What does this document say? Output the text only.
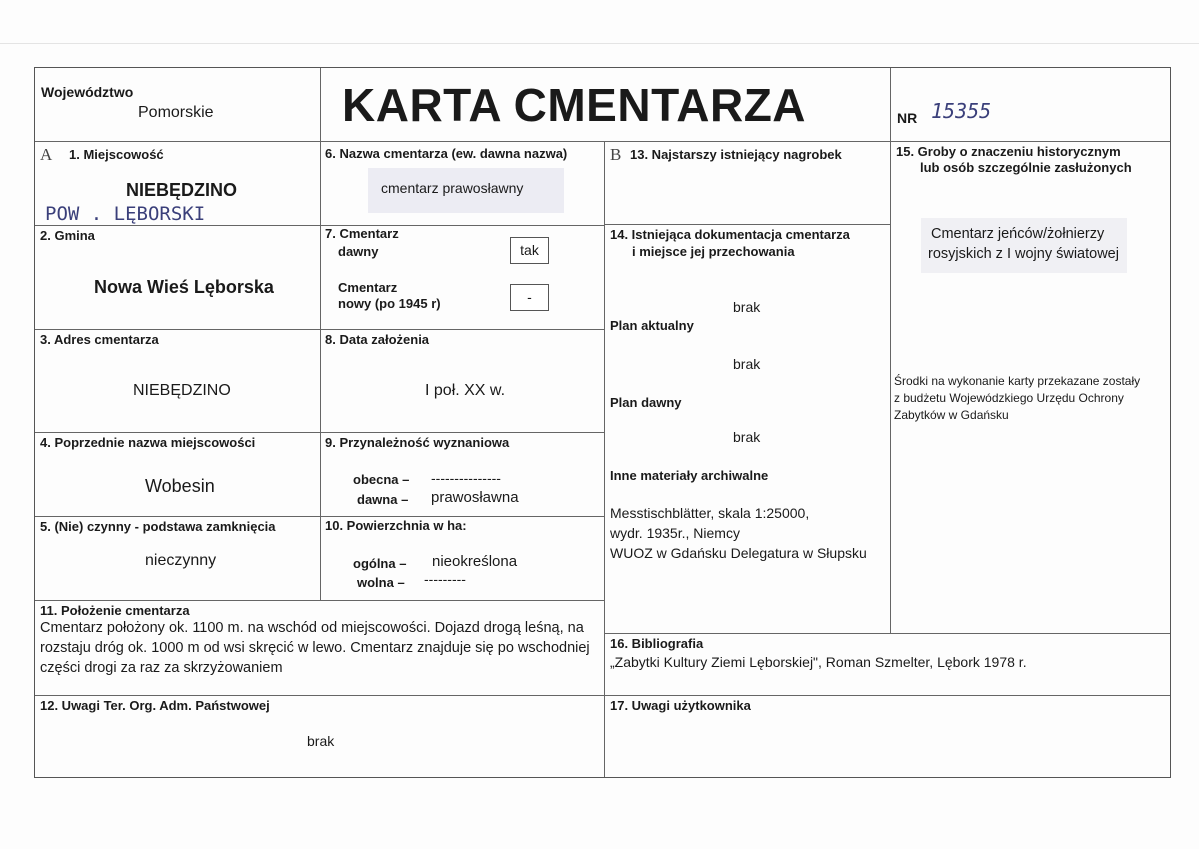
Województwo
Pomorskie	KARTA CMENTARZA	NR 15355
A 1. Miejscowość
NIEBĘDZINO
POW . LĘBORSKI
2. Gmina
Nowa Wieś Lęborska
3. Adres cmentarza
NIEBĘDZINO
4. Poprzednie nazwa miejscowości
Wobesin
5. (Nie) czynny - podstawa zamknięcia
nieczynny
6. Nazwa cmentarza (ew. dawna nazwa)
cmentarz prawosławny
7. Cmentarz
dawny	tak
Cmentarz
nowy (po 1945 r)	-
8. Data założenia
I poł. XX w.
9. Przynależność wyznaniowa
obecna – ---------------
dawna – prawosławna
10. Powierzchnia w ha:
ogólna – nieokreślona
wolna – ---------
11. Położenie cmentarza
Cmentarz położony ok. 1100 m. na wschód od miejscowości. Dojazd drogą leśną, na
rozstaju dróg ok. 1000 m od wsi skręcić w lewo. Cmentarz znajduje się po wschodniej
części drogi za raz za skrzyżowaniem
12. Uwagi Ter. Org. Adm. Państwowej
brak
B 13. Najstarszy istniejący nagrobek
14. Istniejąca dokumentacja cmentarza
i miejsce jej przechowania
brak
Plan aktualny
brak
Plan dawny
brak
Inne materiały archiwalne
Messtischblätter, skala 1:25000,
wydr. 1935r., Niemcy
WUOZ w Gdańsku Delegatura w Słupsku
16. Bibliografia
„Zabytki Kultury Ziemi Lęborskiej", Roman Szmelter, Lębork 1978 r.
17. Uwagi użytkownika
15. Groby o znaczeniu historycznym
lub osób szczególnie zasłużonych
Cmentarz jeńców/żołnierzy
rosyjskich z I wojny światowej
Środki na wykonanie karty przekazane zostały
z budżetu Wojewódzkiego Urzędu Ochrony
Zabytków w Gdańsku
